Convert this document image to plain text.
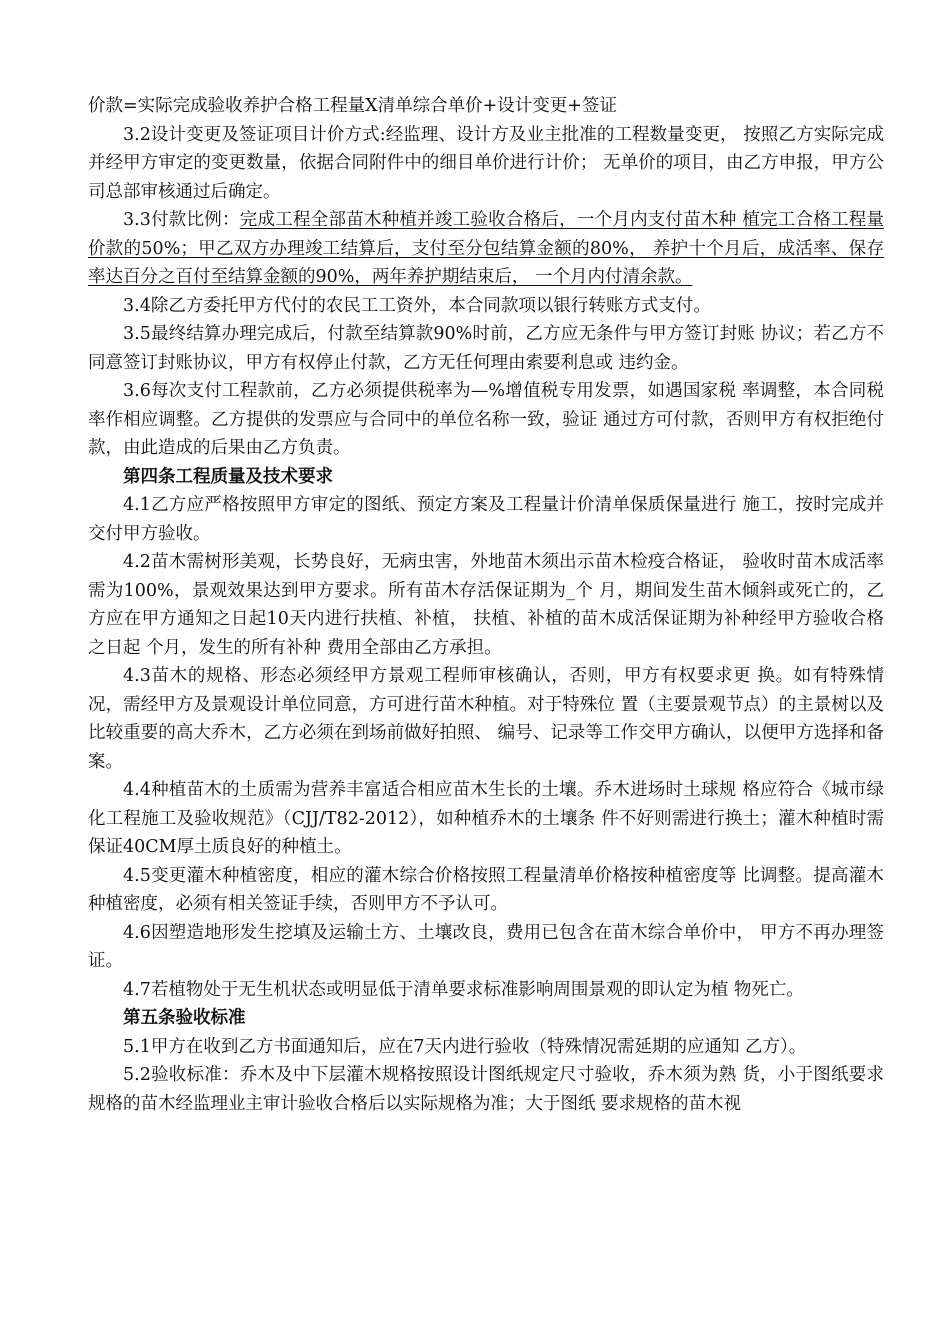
价款=实际完成验收养护合格工程量X清单综合单价+设计变更+签证

3.2设计变更及签证项目计价方式:经监理、设计方及业主批准的工程数量变更， 按照乙方实际完成并经甲方审定的变更数量，依据合同附件中的细目单价进行计价； 无单价的项目，由乙方申报，甲方公司总部审核通过后确定。

3.3付款比例：完成工程全部苗木种植并竣工验收合格后，一个月内支付苗木种 植完工合格工程量价款的50%；甲乙双方办理竣工结算后，支付至分包结算金额的80%， 养护十个月后，成活率、保存率达百分之百付至结算金额的90%，两年养护期结束后， 一个月内付清余款。

3.4除乙方委托甲方代付的农民工工资外，本合同款项以银行转账方式支付。

3.5最终结算办理完成后，付款至结算款90%时前，乙方应无条件与甲方签订封账 协议；若乙方不同意签订封账协议，甲方有权停止付款，乙方无任何理由索要利息或 违约金。

3.6每次支付工程款前，乙方必须提供税率为—%增值税专用发票，如遇国家税 率调整，本合同税率作相应调整。乙方提供的发票应与合同中的单位名称一致，验证 通过方可付款，否则甲方有权拒绝付款，由此造成的后果由乙方负责。

第四条工程质量及技术要求

4.1乙方应严格按照甲方审定的图纸、预定方案及工程量计价清单保质保量进行 施工，按时完成并交付甲方验收。

4.2苗木需树形美观，长势良好，无病虫害，外地苗木须出示苗木检疫合格证， 验收时苗木成活率需为100%，景观效果达到甲方要求。所有苗木存活保证期为_个 月，期间发生苗木倾斜或死亡的，乙方应在甲方通知之日起10天内进行扶植、补植， 扶植、补植的苗木成活保证期为补种经甲方验收合格之日起 个月，发生的所有补种 费用全部由乙方承担。

4.3苗木的规格、形态必须经甲方景观工程师审核确认，否则，甲方有权要求更 换。如有特殊情况，需经甲方及景观设计单位同意，方可进行苗木种植。对于特殊位 置（主要景观节点）的主景树以及比较重要的高大乔木，乙方必须在到场前做好拍照、 编号、记录等工作交甲方确认，以便甲方选择和备案。

4.4种植苗木的土质需为营养丰富适合相应苗木生长的土壤。乔木进场时土球规 格应符合《城市绿化工程施工及验收规范》（CJJ/T82-2012），如种植乔木的土壤条 件不好则需进行换土；灌木种植时需保证40CM厚土质良好的种植土。

4.5变更灌木种植密度，相应的灌木综合价格按照工程量清单价格按种植密度等 比调整。提高灌木种植密度，必须有相关签证手续，否则甲方不予认可。

4.6因塑造地形发生挖填及运输土方、土壤改良，费用已包含在苗木综合单价中， 甲方不再办理签证。

4.7若植物处于无生机状态或明显低于清单要求标准影响周围景观的即认定为植 物死亡。

第五条验收标准

5.1甲方在收到乙方书面通知后，应在7天内进行验收（特殊情况需延期的应通知 乙方）。

5.2验收标准：乔木及中下层灌木规格按照设计图纸规定尺寸验收，乔木须为熟 货，小于图纸要求规格的苗木经监理业主审计验收合格后以实际规格为准；大于图纸 要求规格的苗木视
